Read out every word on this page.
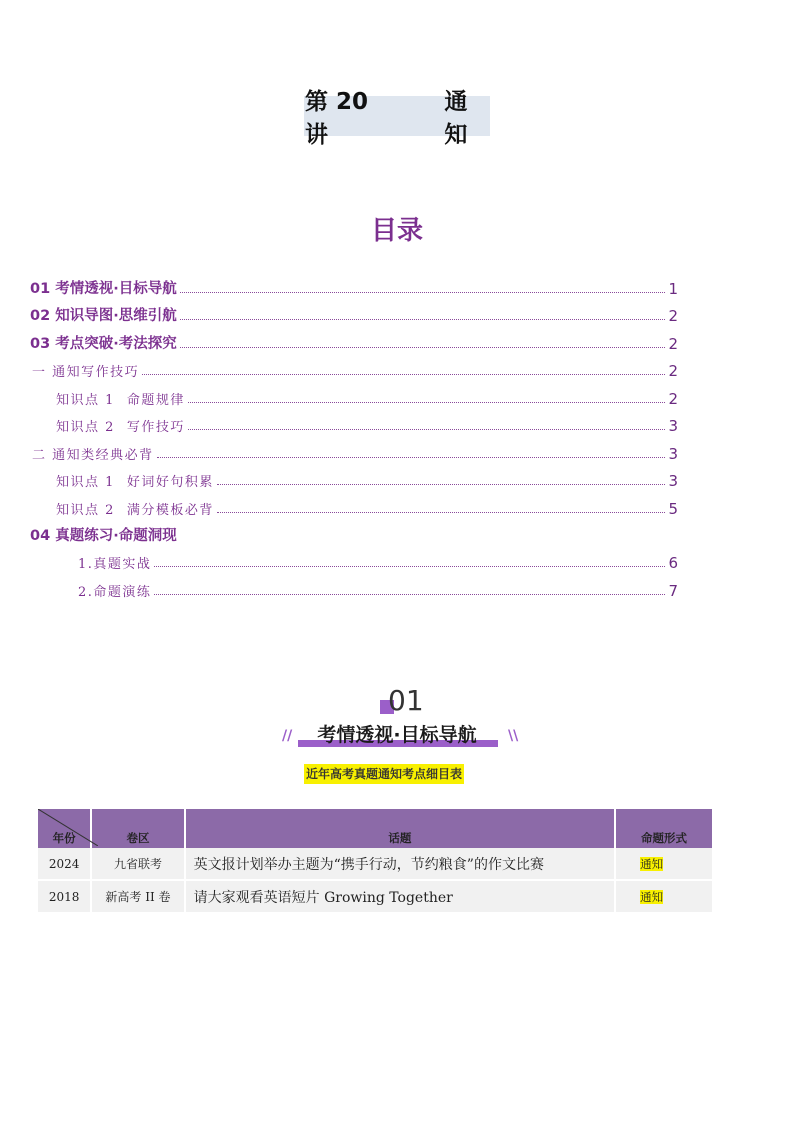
第 20 讲
通知
目录
01 考情透视·目标导航	1
02 知识导图·思维引航	2
03 考点突破·考法探究	2
一 通知写作技巧	2
知识点 1 命题规律	2
知识点 2 写作技巧	3
二 通知类经典必背	3
知识点 1 好词好句积累	3
知识点 2 满分模板必背	5
04 真题练习·命题洞现
1.真题实战	6
2.命题演练	7
01
//	考情透视·目标导航	\\
近年高考真题通知考点细目表
年份	卷区	话题	命题形式
2024	九省联考	英文报计划举办主题为“携手行动，节约粮食”的作文比赛	通知
2018	新高考 II 卷	请大家观看英语短片 Growing Together	通知
